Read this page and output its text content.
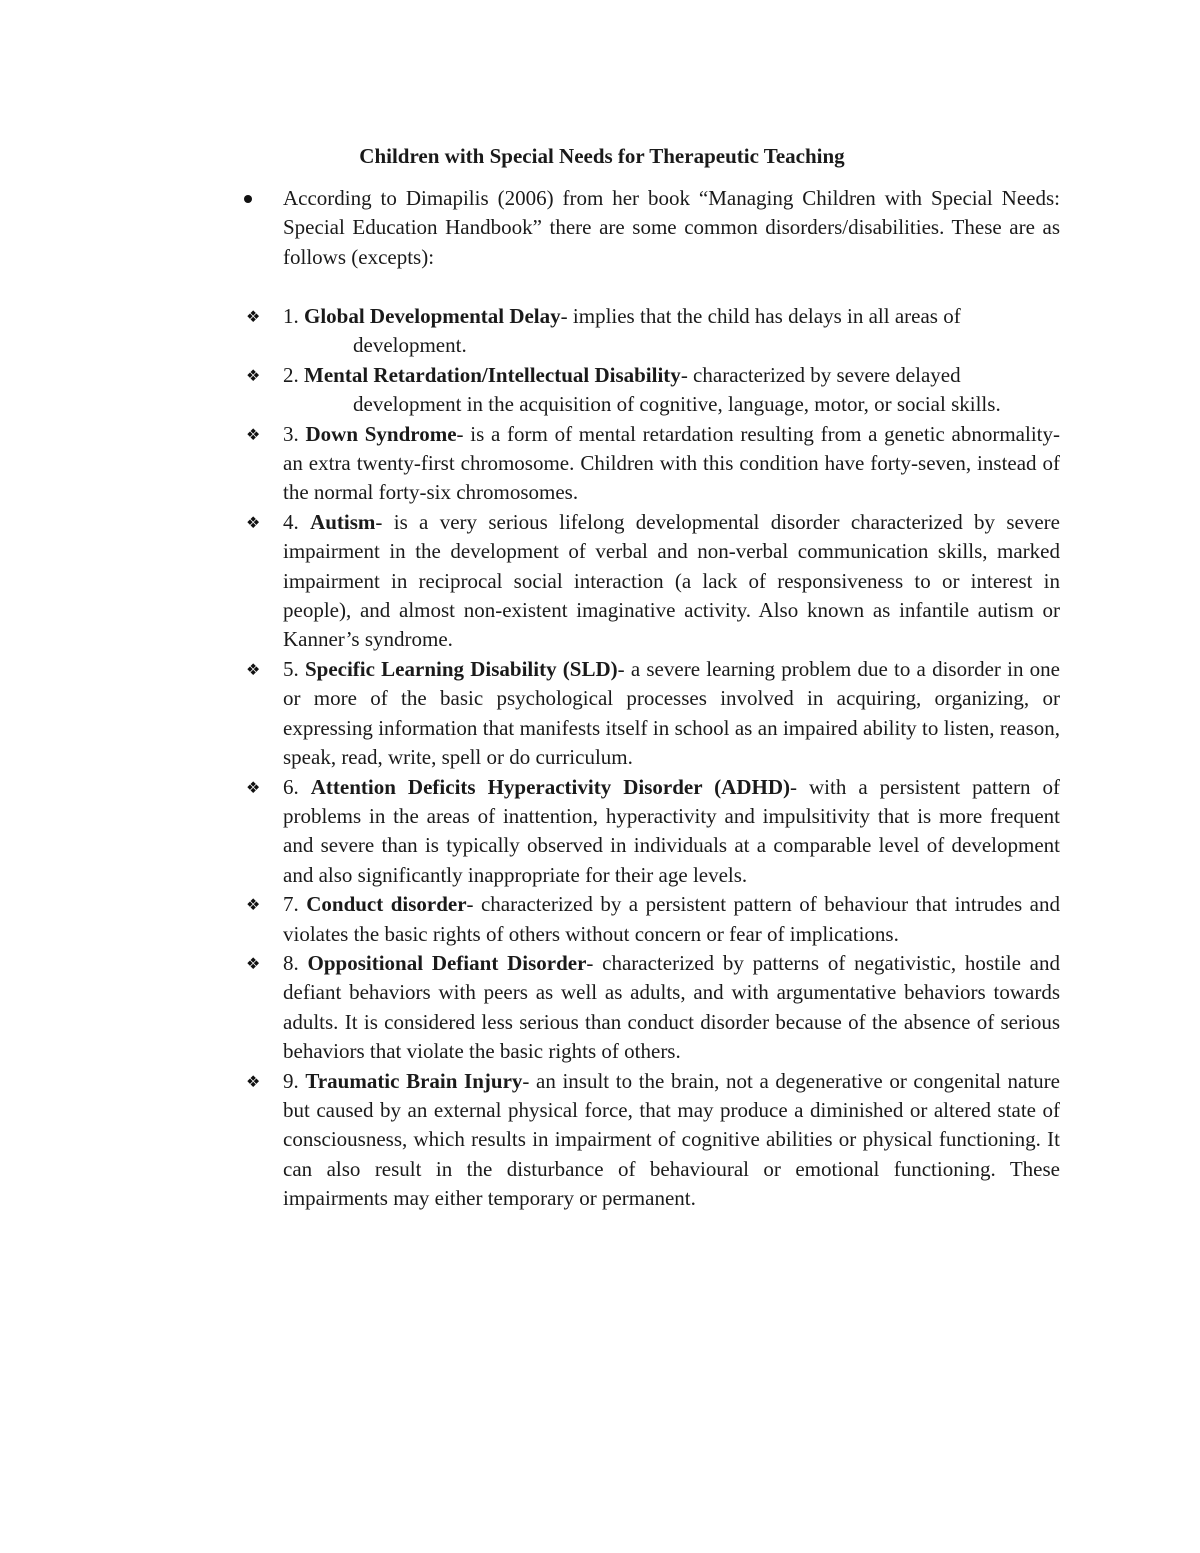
Children with Special Needs for Therapeutic Teaching
According to Dimapilis (2006) from her book “Managing Children with Special Needs: Special Education Handbook” there are some common disorders/disabilities. These are as follows (excepts):
❖ 1. Global Developmental Delay- implies that the child has delays in all areas of
development.
❖ 2. Mental Retardation/Intellectual Disability- characterized by severe delayed
development in the acquisition of cognitive, language, motor, or social skills.
❖ 3. Down Syndrome- is a form of mental retardation resulting from a genetic abnormality- an extra twenty-first chromosome. Children with this condition have forty-seven, instead of the normal forty-six chromosomes.
❖ 4. Autism- is a very serious lifelong developmental disorder characterized by severe impairment in the development of verbal and non-verbal communication skills, marked impairment in reciprocal social interaction (a lack of responsiveness to or interest in people), and almost non-existent imaginative activity. Also known as infantile autism or Kanner’s syndrome.
❖ 5. Specific Learning Disability (SLD)- a severe learning problem due to a disorder in one or more of the basic psychological processes involved in acquiring, organizing, or expressing information that manifests itself in school as an impaired ability to listen, reason, speak, read, write, spell or do curriculum.
❖ 6. Attention Deficits Hyperactivity Disorder (ADHD)- with a persistent pattern of problems in the areas of inattention, hyperactivity and impulsitivity that is more frequent and severe than is typically observed in individuals at a comparable level of development and also significantly inappropriate for their age levels.
❖ 7. Conduct disorder- characterized by a persistent pattern of behaviour that intrudes and violates the basic rights of others without concern or fear of implications.
❖ 8. Oppositional Defiant Disorder- characterized by patterns of negativistic, hostile and defiant behaviors with peers as well as adults, and with argumentative behaviors towards adults. It is considered less serious than conduct disorder because of the absence of serious behaviors that violate the basic rights of others.
❖ 9. Traumatic Brain Injury- an insult to the brain, not a degenerative or congenital nature but caused by an external physical force, that may produce a diminished or altered state of consciousness, which results in impairment of cognitive abilities or physical functioning. It can also result in the disturbance of behavioural or emotional functioning. These impairments may either temporary or permanent.
